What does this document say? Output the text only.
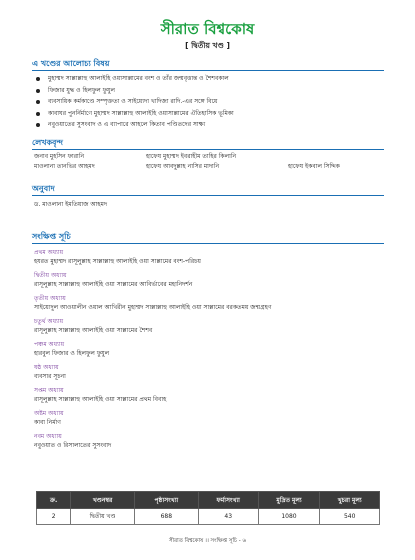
সীরাত বিশ্বকোষ
[ দ্বিতীয় খণ্ড ]
এ খণ্ডের আলোচ্য বিষয়
মুহাম্মদ সাল্লাল্লাহু আলাইহি ওয়াসাল্লামের বংশ ও তাঁর জন্মবৃত্তান্ত ও শৈশবকাল
ফিজার যুদ্ধ ও হিলফুল ফুযুল
ব্যবসায়িক কর্মকাণ্ডে সম্পৃক্ততা ও সাইয়্যেদা খাদিজা রাদি.-এর সঙ্গে বিয়ে
কাবাঘর পুনর্নির্মাণে মুহাম্মদ সাল্লাল্লাহু আলাইহি ওয়াসাল্লামের ঐতিহাসিক ভূমিকা
নবুওয়াতের সুসংবাদ ও এ ব্যাপারে আহলে কিতাব পণ্ডিতদের সাক্ষ্য
লেখকবৃন্দ
জনাব মুহসিন ফারানি	হাফেয মুহাম্মদ ইবরাহীম তাহির কিলানি
মাওলানা তানভির আহমদ	হাফেয আবদুল্লাহ নাসির মাদানি	হাফেয ইকবাল সিদ্দিক
অনুবাদ
ড. মাওলানা ইমতিয়াজ আহমদ
সংক্ষিপ্ত সূচি
প্রথম অধ্যায়
হযরত মুহাম্মদ রাসূলুল্লাহ সাল্লাল্লাহু আলাইহি ওয়া সাল্লামের বংশ-পরিচয়
দ্বিতীয় অধ্যায়
রাসূলুল্লাহ সাল্লাল্লাহু আলাইহি ওয়া সাল্লামের আবির্ভাবের মহানিদর্শন
তৃতীয় অধ্যায়
সাইয়্যেদুল আওয়ালীন ওয়াল আখিরীন মুহাম্মদ সাল্লাল্লাহু আলাইহি ওয়া সাল্লামের বরকতময় জন্মগ্রহণ
চতুর্থ অধ্যায়
রাসূলুল্লাহ সাল্লাল্লাহু আলাইহি ওয়া সাল্লামের শৈশব
পঞ্চম অধ্যায়
হারবুল ফিজার ও হিলফুল ফুযুল
ষষ্ঠ অধ্যায়
ব্যবসার সূচনা
সপ্তম অধ্যায়
রাসূলুল্লাহ সাল্লাল্লাহু আলাইহি ওয়া সাল্লামের প্রথম বিবাহ
অষ্টম অধ্যায়
কাবা নির্মাণ
নবম অধ্যায়
নবুওয়াত ও রিসালাতের সুসংবাদ
ক্র.	খণ্ডনম্বর	পৃষ্ঠাসংখ্যা	ফর্মাসংখ্যা	মুদ্রিত মূল্য	খুচরা মূল্য
2	দ্বিতীয় খণ্ড	688	43	1080	540
সীরাত বিশ্বকোষ ।। সংক্ষিপ্ত সূচি - ৬
